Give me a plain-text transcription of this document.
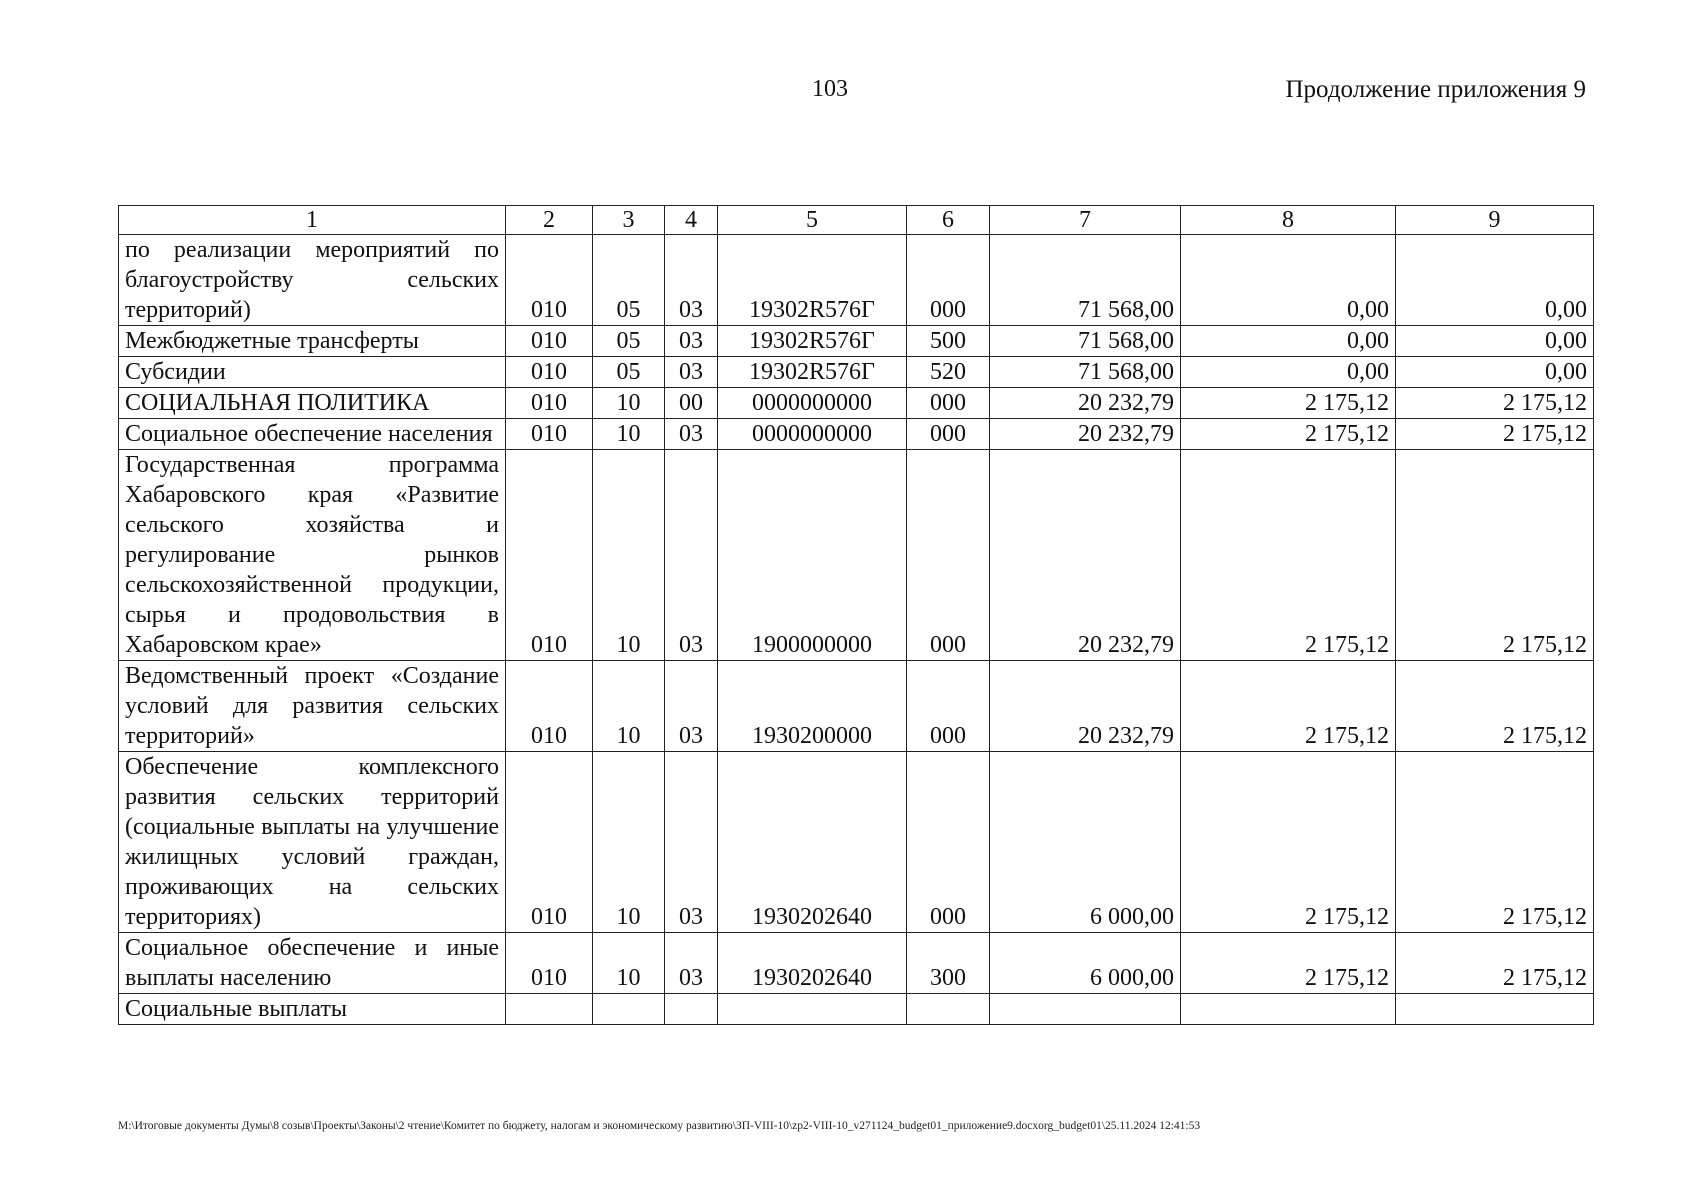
103	Продолжение приложения 9
1	2	3	4	5	6	7	8	9
по реализации мероприятий по благоустройству сельских территорий)	010	05	03	19302R576Г	000	71 568,00	0,00	0,00
Межбюджетные трансферты	010	05	03	19302R576Г	500	71 568,00	0,00	0,00
Субсидии	010	05	03	19302R576Г	520	71 568,00	0,00	0,00
СОЦИАЛЬНАЯ ПОЛИТИКА	010	10	00	0000000000	000	20 232,79	2 175,12	2 175,12
Социальное обеспечение населения	010	10	03	0000000000	000	20 232,79	2 175,12	2 175,12
Государственная программа Хабаровского края «Развитие сельского хозяйства и регулирование рынков сельскохозяйственной продукции, сырья и продовольствия в Хабаровском крае»	010	10	03	1900000000	000	20 232,79	2 175,12	2 175,12
Ведомственный проект «Создание условий для развития сельских территорий»	010	10	03	1930200000	000	20 232,79	2 175,12	2 175,12
Обеспечение комплексного развития сельских территорий (социальные выплаты на улучшение жилищных условий граждан, проживающих на сельских территориях)	010	10	03	1930202640	000	6 000,00	2 175,12	2 175,12
Социальное обеспечение и иные выплаты населению	010	10	03	1930202640	300	6 000,00	2 175,12	2 175,12
Социальные выплаты								
M:\Итоговые документы Думы\8 созыв\Проекты\Законы\2 чтение\Комитет по бюджету, налогам и экономическому развитию\ЗП-VIII-10\zp2-VIII-10_v271124_budget01_приложение9.docxorg_budget01\25.11.2024 12:41:53
